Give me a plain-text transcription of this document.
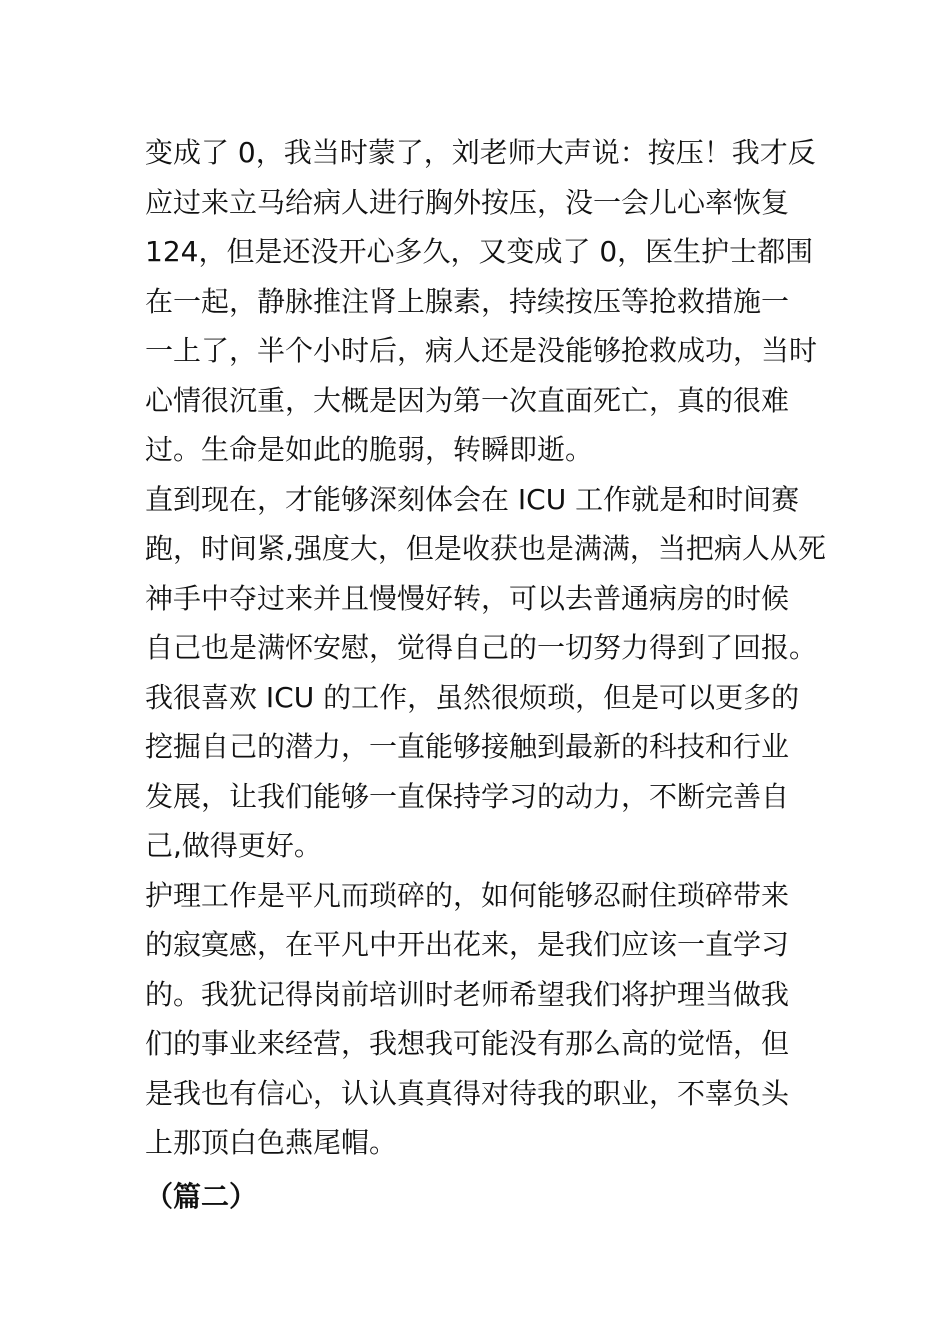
变成了 0，我当时蒙了，刘老师大声说：按压！我才反
应过来立马给病人进行胸外按压，没一会儿心率恢复
124，但是还没开心多久，又变成了 0，医生护士都围
在一起，静脉推注肾上腺素，持续按压等抢救措施一
一上了，半个小时后，病人还是没能够抢救成功，当时
心情很沉重，大概是因为第一次直面死亡，真的很难
过。生命是如此的脆弱，转瞬即逝。
直到现在，才能够深刻体会在 ICU 工作就是和时间赛
跑，时间紧,强度大，但是收获也是满满，当把病人从死
神手中夺过来并且慢慢好转，可以去普通病房的时候
自己也是满怀安慰，觉得自己的一切努力得到了回报。
我很喜欢 ICU 的工作，虽然很烦琐，但是可以更多的
挖掘自己的潜力，一直能够接触到最新的科技和行业
发展，让我们能够一直保持学习的动力，不断完善自
己,做得更好。
护理工作是平凡而琐碎的，如何能够忍耐住琐碎带来
的寂寞感，在平凡中开出花来，是我们应该一直学习
的。我犹记得岗前培训时老师希望我们将护理当做我
们的事业来经营，我想我可能没有那么高的觉悟，但
是我也有信心，认认真真得对待我的职业，不辜负头
上那顶白色燕尾帽。
（篇二）
